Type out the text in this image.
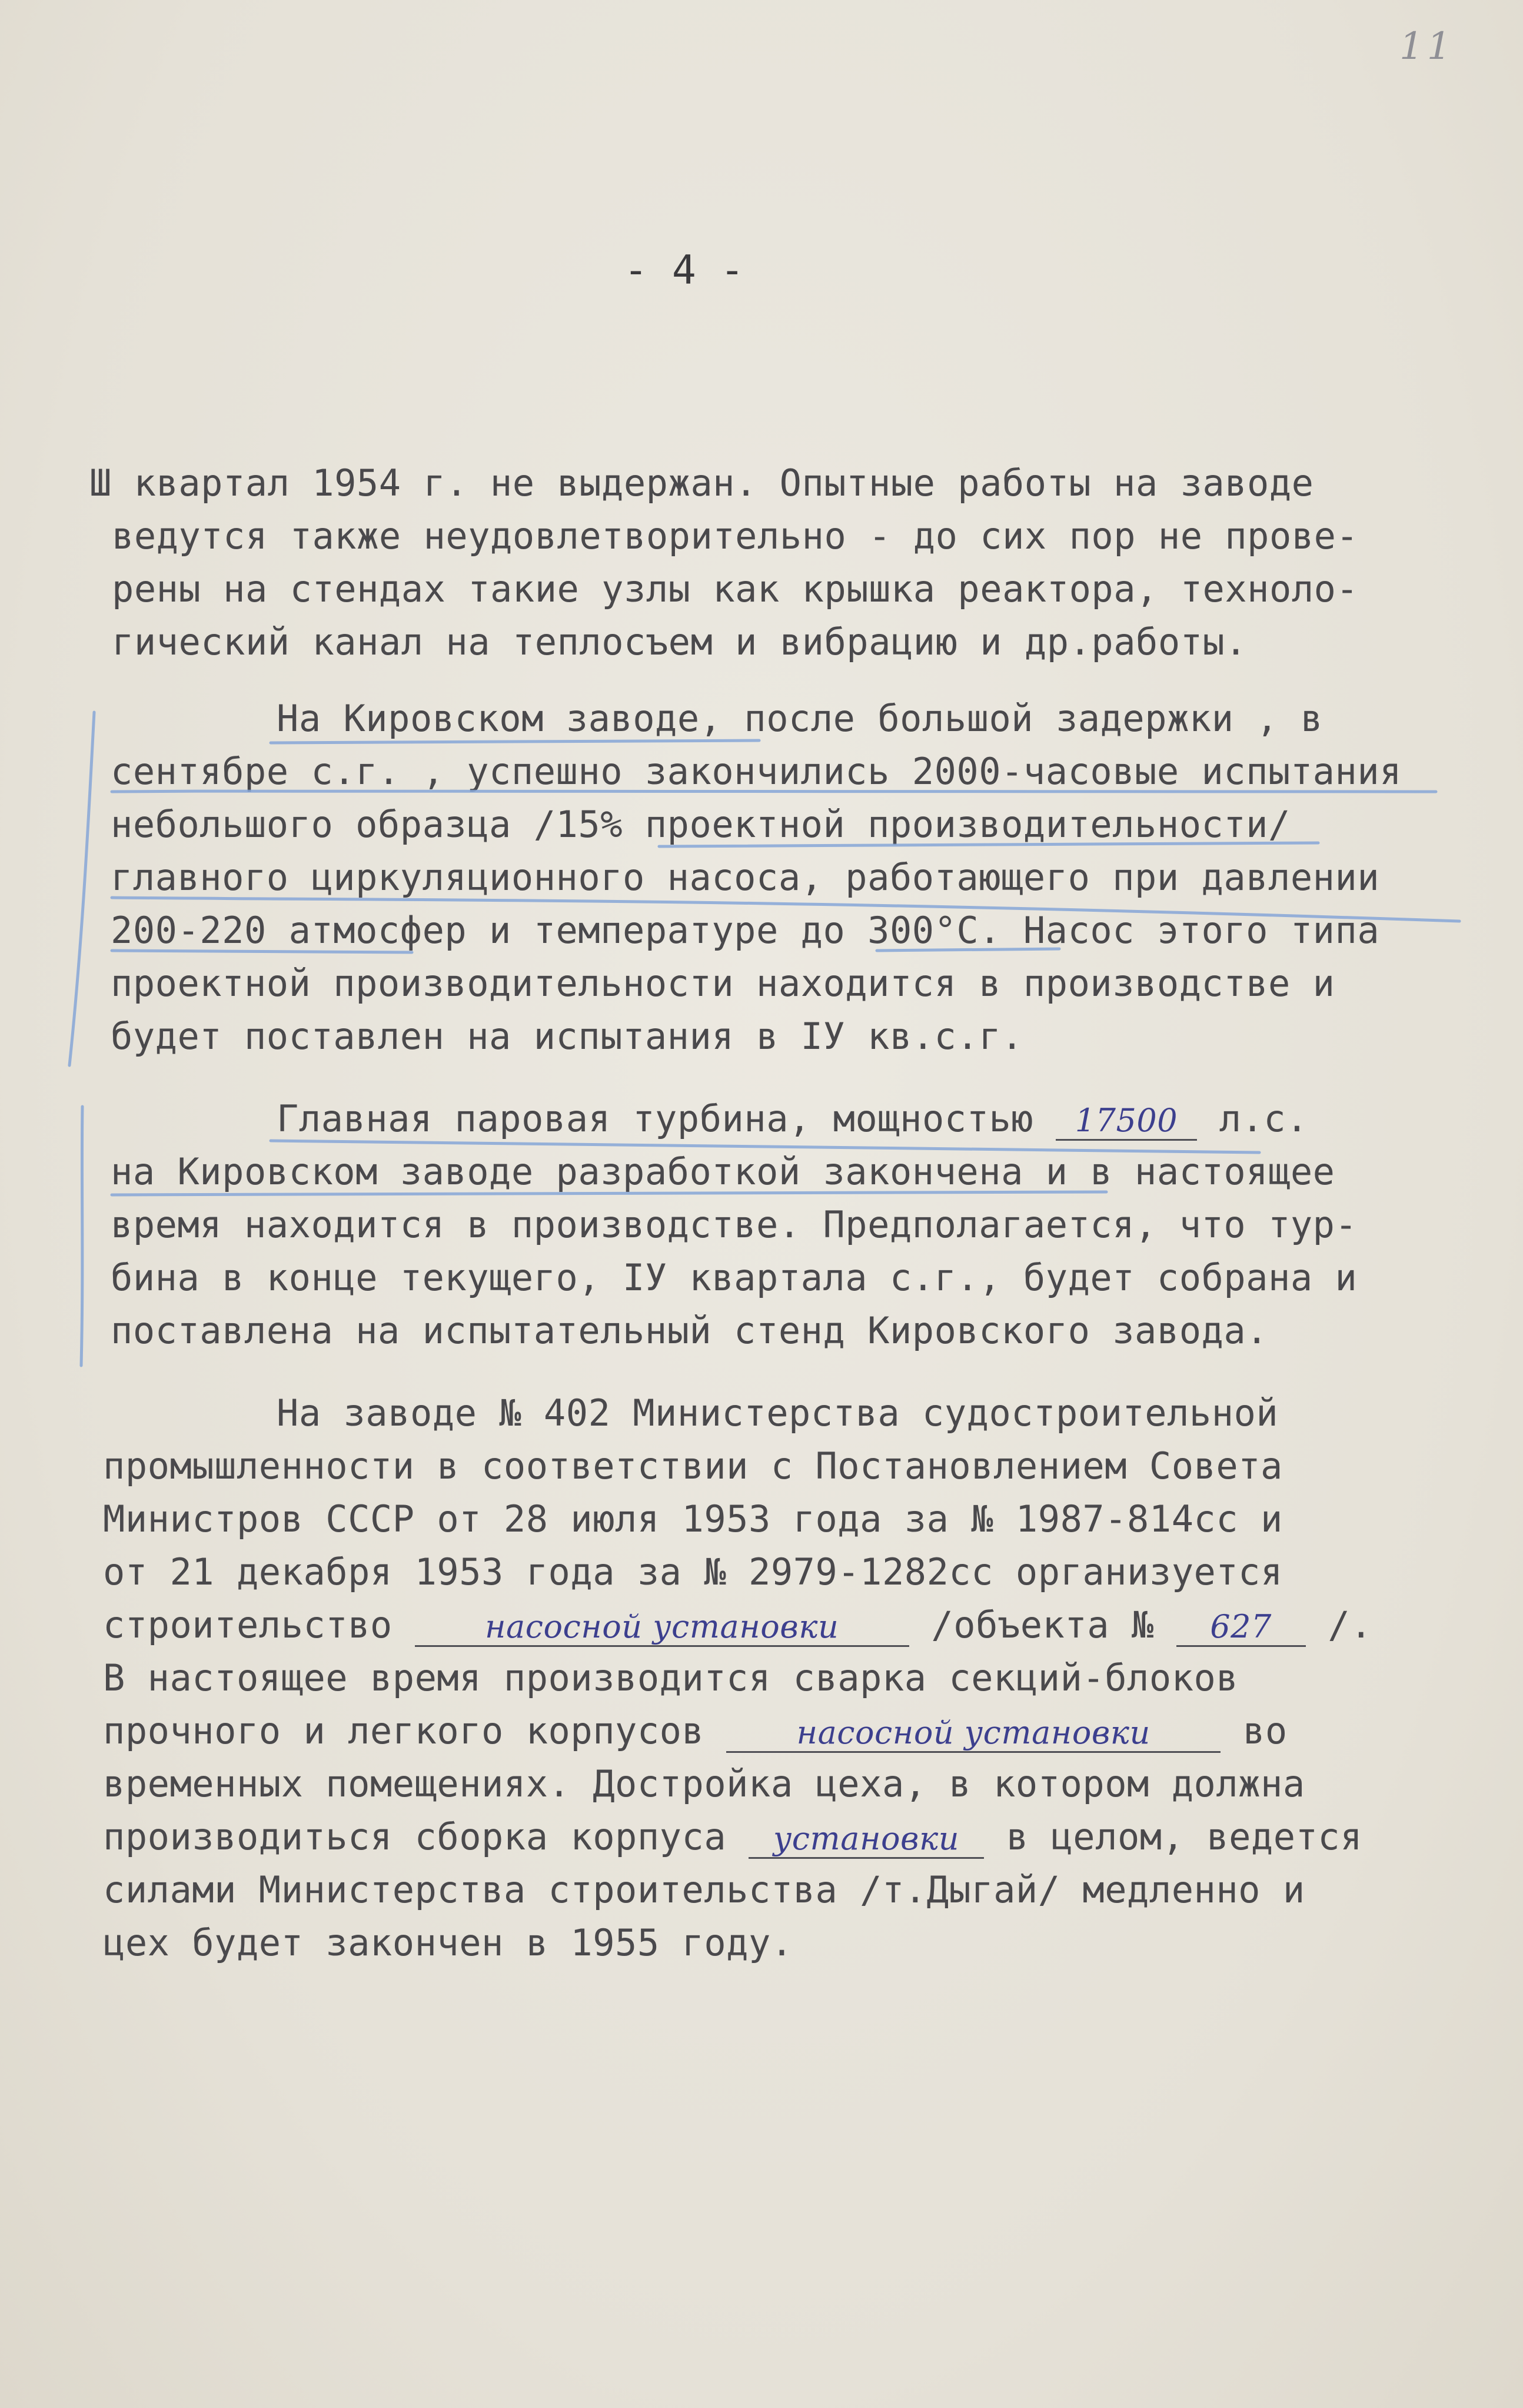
11
- 4 -
Ш квартал 1954 г. не выдержан. Опытные работы на заводе
ведутся также неудовлетворительно - до сих пор не прове-
рены на стендах такие узлы как крышка реактора, техноло-
гический канал на теплосъем и вибрацию и др.работы.
На Кировском заводе, после большой задержки , в
сентябре с.г. , успешно закончились 2000-часовые испытания
небольшого образца /15% проектной производительности/
главного циркуляционного насоса, работающего при давлении
200-220 атмосфер и температуре до 300°С. Насос этого типа
проектной производительности находится в производстве и
будет поставлен на испытания в IУ кв.с.г.
Главная паровая турбина, мощностью 17500 л.с.
на Кировском заводе разработкой закончена и в настоящее
время находится в производстве. Предполагается, что тур-
бина в конце текущего, IУ квартала с.г., будет собрана и
поставлена на испытательный стенд Кировского завода.
На заводе № 402 Министерства судостроительной
промышленности в соответствии с Постановлением Совета
Министров СССР от 28 июля 1953 года за № 1987-814сс и
от 21 декабря 1953 года за № 2979-1282сс организуется
строительство насосной установки /объекта № 627 /.
В настоящее время производится сварка секций-блоков
прочного и легкого корпусов насосной установки во
временных помещениях. Достройка цеха, в котором должна
производиться сборка корпуса установки в целом, ведется
силами Министерства строительства /т.Дыгай/ медленно и
цех будет закончен в 1955 году.
